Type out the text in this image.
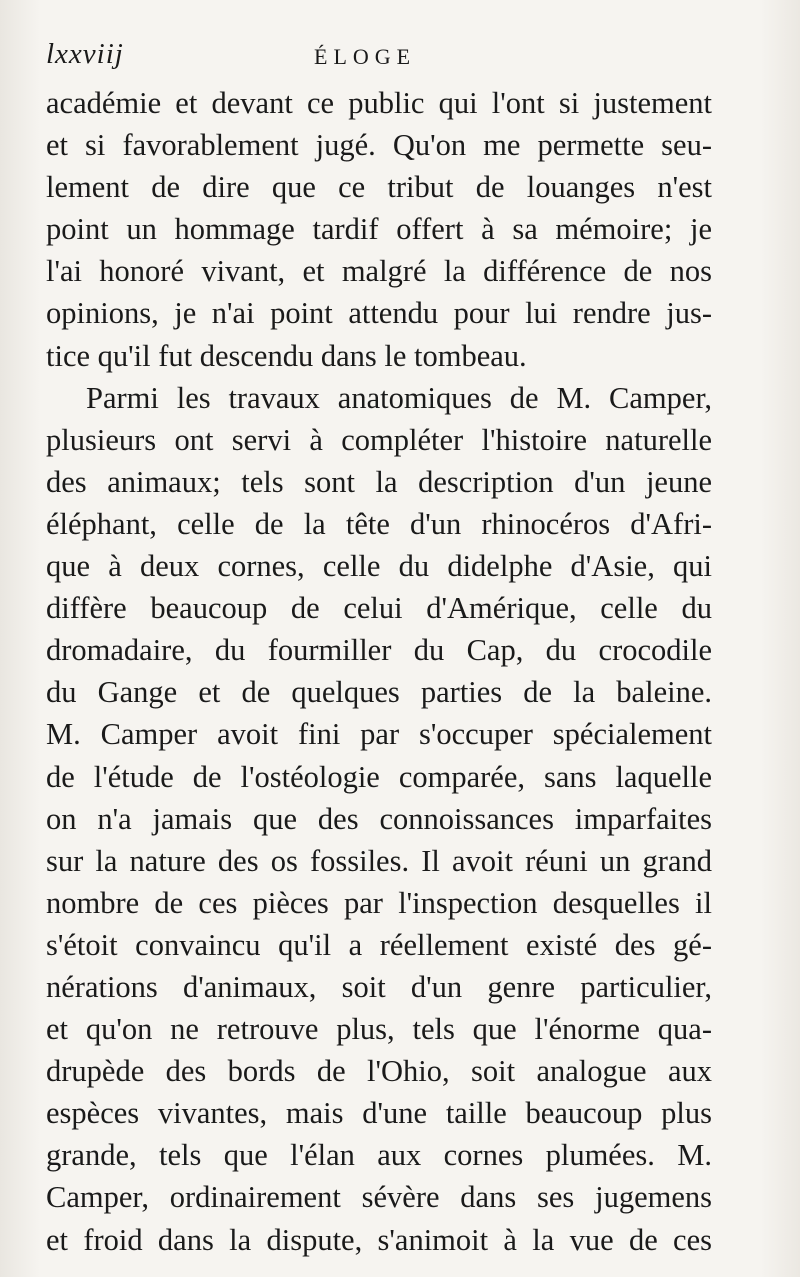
lxxviij	ÉLOGE
académie et devant ce public qui l'ont si justement
et si favorablement jugé. Qu'on me permette seu-
lement de dire que ce tribut de louanges n'est
point un hommage tardif offert à sa mémoire; je
l'ai honoré vivant, et malgré la différence de nos
opinions, je n'ai point attendu pour lui rendre jus-
tice qu'il fut descendu dans le tombeau.
Parmi les travaux anatomiques de M. Camper,
plusieurs ont servi à compléter l'histoire naturelle
des animaux; tels sont la description d'un jeune
éléphant, celle de la tête d'un rhinocéros d'Afri-
que à deux cornes, celle du didelphe d'Asie, qui
diffère beaucoup de celui d'Amérique, celle du
dromadaire, du fourmiller du Cap, du crocodile
du Gange et de quelques parties de la baleine.
M. Camper avoit fini par s'occuper spécialement
de l'étude de l'ostéologie comparée, sans laquelle
on n'a jamais que des connoissances imparfaites
sur la nature des os fossiles. Il avoit réuni un grand
nombre de ces pièces par l'inspection desquelles il
s'étoit convaincu qu'il a réellement existé des gé-
nérations d'animaux, soit d'un genre particulier,
et qu'on ne retrouve plus, tels que l'énorme qua-
drupède des bords de l'Ohio, soit analogue aux
espèces vivantes, mais d'une taille beaucoup plus
grande, tels que l'élan aux cornes plumées. M.
Camper, ordinairement sévère dans ses jugemens
et froid dans la dispute, s'animoit à la vue de ces
